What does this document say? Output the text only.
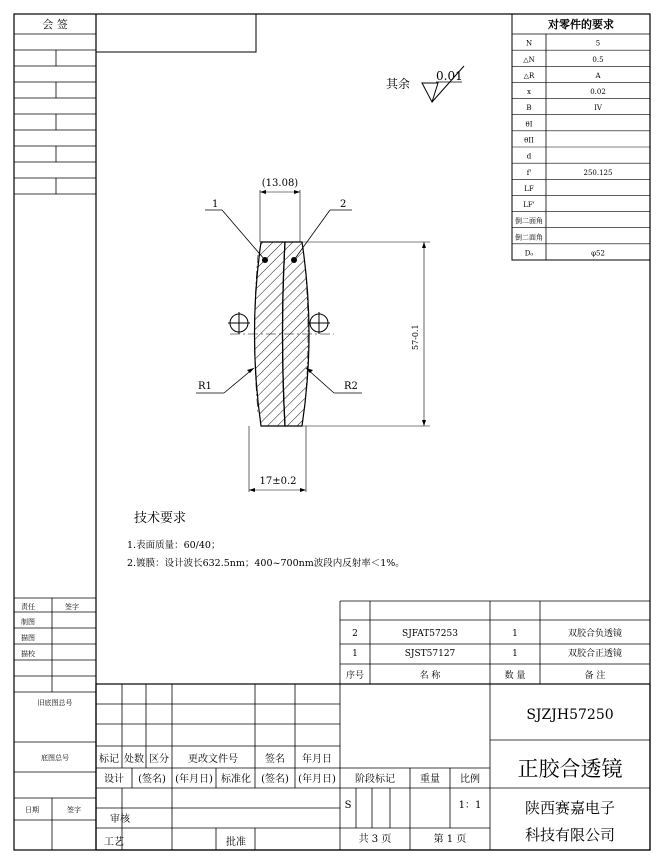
会 签
责任	签字
制图
描图
描校
旧底图总号
底图总号
日期	签字
对零件的要求
N	5
△N	0.5
△R	A
x	0.02
B	IV
θI
θII
d
f'	250.125
LF
LF'
倒二面角
倒二面角
D₀	φ52
其余
0.01
(13.08)
17±0.2
1	2
R1	R2
57-0.1
技术要求
1.表面质量：60/40；
2.镀膜：设计波长632.5nm；400~700nm波段内反射率＜1%。
2	SJFAT57253	1	双胶合负透镜
1	SJST57127	1	双胶合正透镜
序号	名 称	数 量	备 注
标记 处数 区分 更改文件号	签名 年月日
设计 (签名) (年月日) 标准化 (签名) (年月日) 阶段标记	重量 比例
S	1：1
审核
工艺	批准	共 3 页	第 1 页
SJZJH57250
正胶合透镜
陕西赛嘉电子
科技有限公司
